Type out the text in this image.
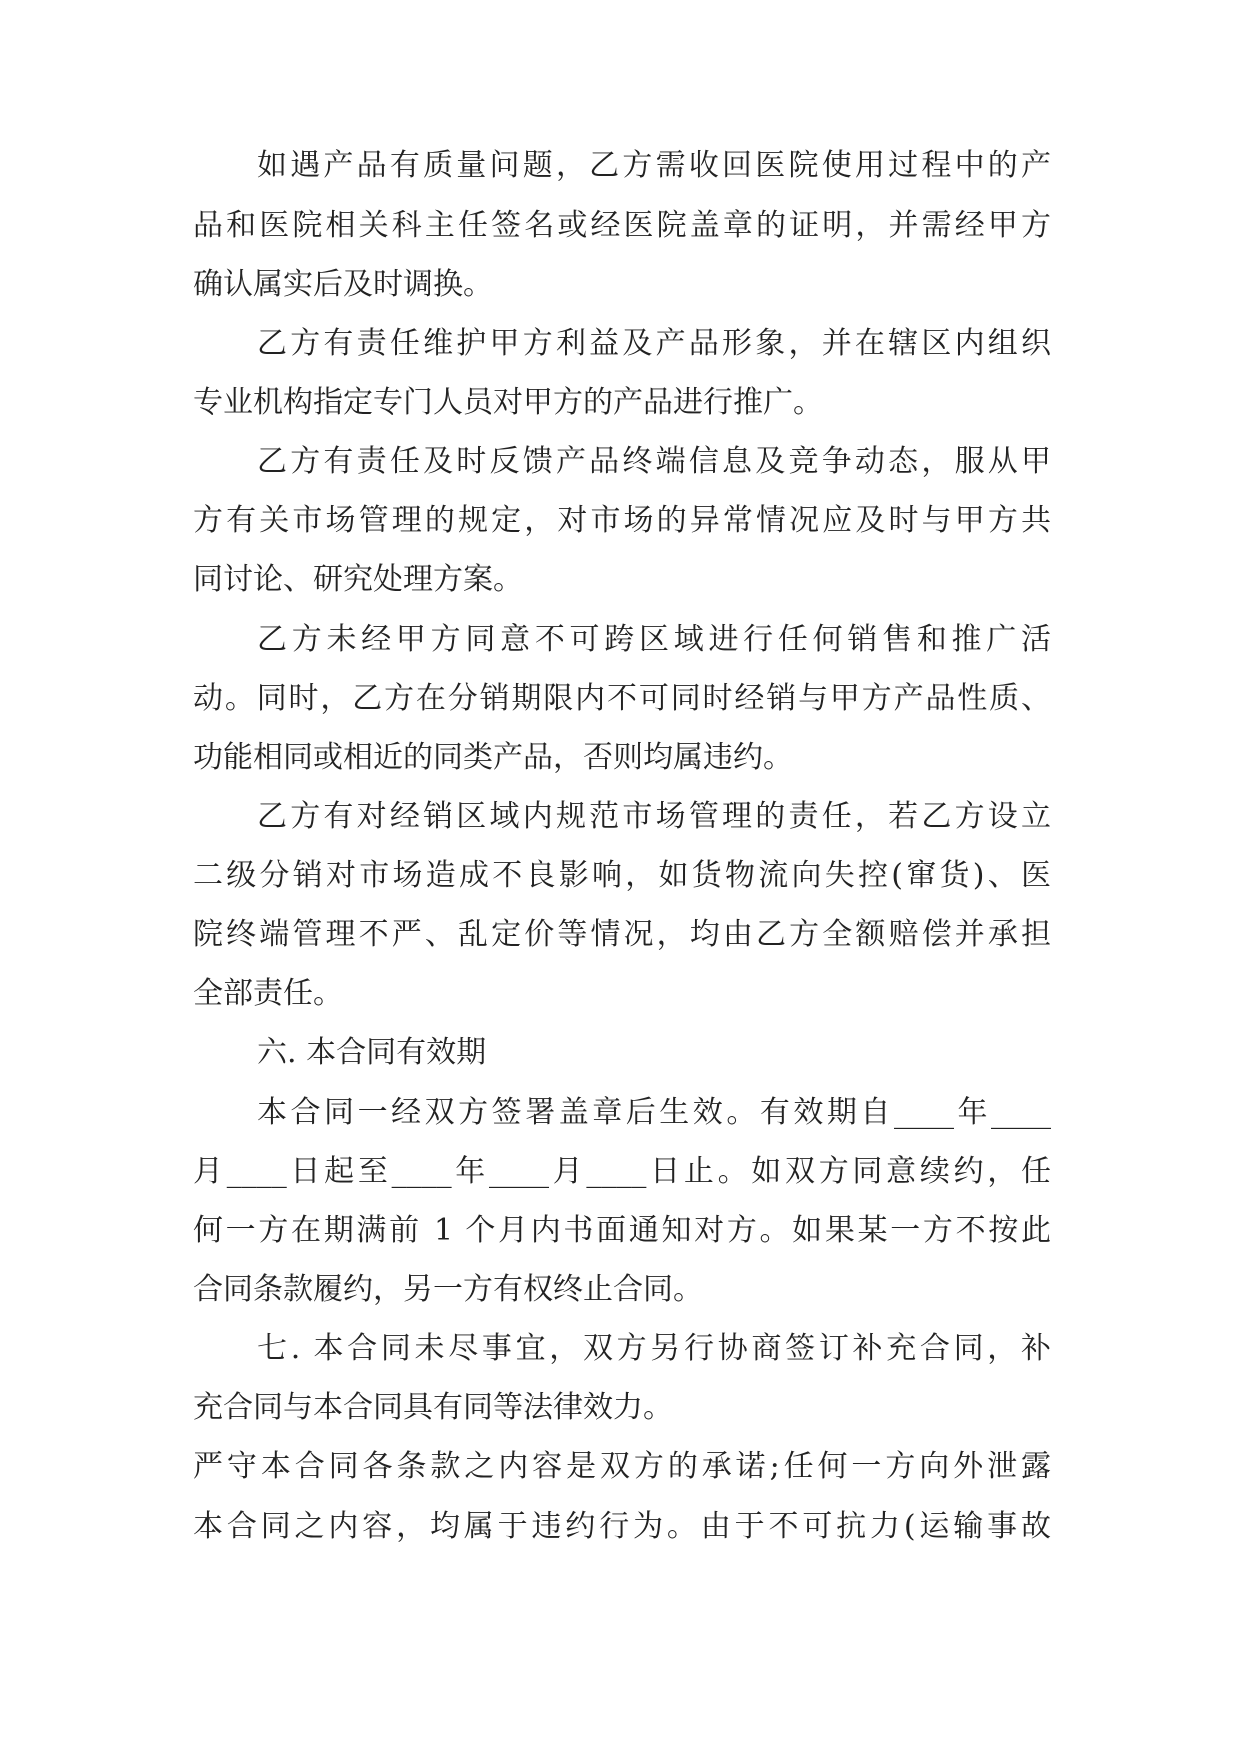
如遇产品有质量问题，乙方需收回医院使用过程中的产
品和医院相关科主任签名或经医院盖章的证明，并需经甲方
确认属实后及时调换。
乙方有责任维护甲方利益及产品形象，并在辖区内组织
专业机构指定专门人员对甲方的产品进行推广。
乙方有责任及时反馈产品终端信息及竞争动态，服从甲
方有关市场管理的规定，对市场的异常情况应及时与甲方共
同讨论、研究处理方案。
乙方未经甲方同意不可跨区域进行任何销售和推广活
动。同时，乙方在分销期限内不可同时经销与甲方产品性质、
功能相同或相近的同类产品，否则均属违约。
乙方有对经销区域内规范市场管理的责任，若乙方设立
二级分销对市场造成不良影响，如货物流向失控(窜货)、医
院终端管理不严、乱定价等情况，均由乙方全额赔偿并承担
全部责任。
六. 本合同有效期
本合同一经双方签署盖章后生效。有效期自____年____
月____日起至____年____月____日止。如双方同意续约，任
何一方在期满前 1 个月内书面通知对方。如果某一方不按此
合同条款履约，另一方有权终止合同。
七. 本合同未尽事宜，双方另行协商签订补充合同，补
充合同与本合同具有同等法律效力。
严守本合同各条款之内容是双方的承诺;任何一方向外泄露
本合同之内容，均属于违约行为。由于不可抗力(运输事故
